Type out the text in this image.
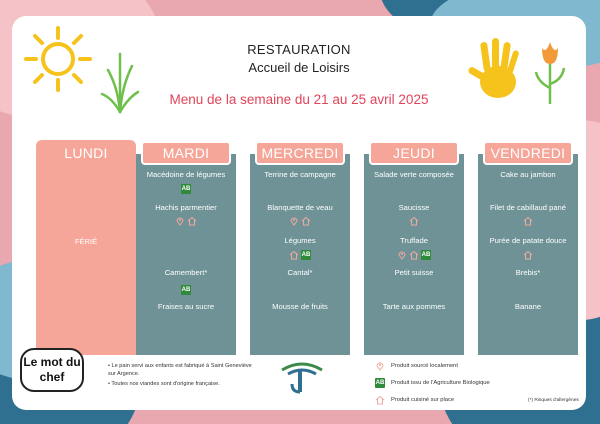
RESTAURATION
Accueil de Loisirs
Menu de la semaine du 21 au 25 avril 2025
LUNDI
FÉRIÉ
MARDI
Macédoine de légumes
AB
Hachis parmentier
Camembert*
AB
Fraises au sucre
MERCREDI
Terrine de campagne
Blanquette de veau
Légumes
AB
Cantal*
Mousse de fruits
JEUDI
Salade verte composée
Saucisse
Truffade
AB
Petit suisse
Tarte aux pommes
VENDREDI
Cake au jambon
Filet de cabillaud pané
Purée de patate douce
Brebis*
Banane
Le mot du chef
• Le pain servi aux enfants est fabriqué à Saint Geneviève sur Argence.
• Toutes nos viandes sont d'origine française.
Produit sourcé localement
AB Produit issu de l'Agriculture Biologique
Produit cuisiné sur place	(*) Risques d'allergènes
